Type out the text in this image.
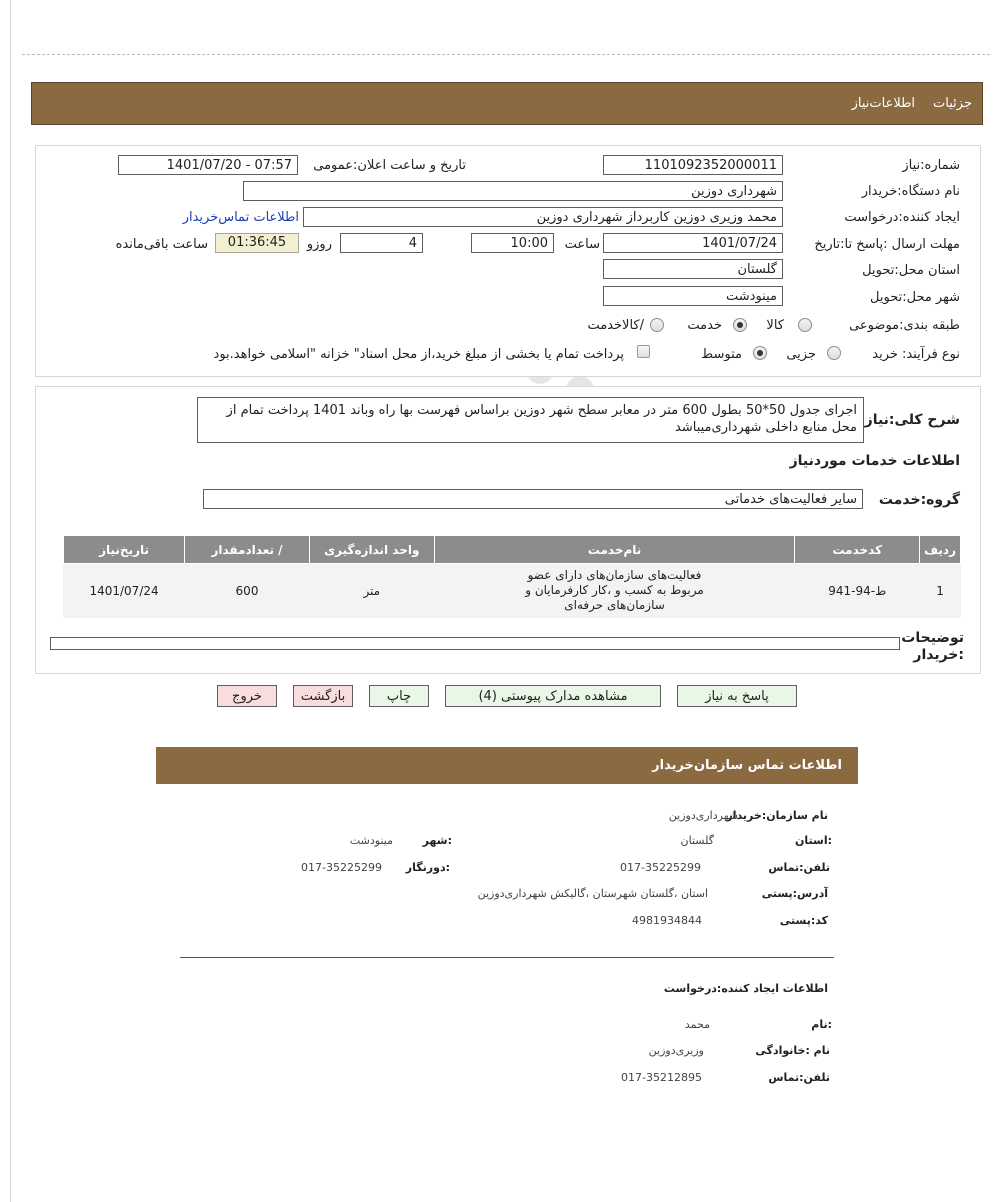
جزئیات
اطلاعات‌نیاز
شماره:نیاز
1101092352000011
تاریخ و ساعت اعلان:عمومی
1401/07/20 - 07:57
نام دستگاه:خریدار
شهرداری دوزین
ایجاد کننده:درخواست
محمد وزیری دوزین کاربرداز شهرداری دوزین
اطلاعات تماس‌خریدار
مهلت ارسال :پاسخ تا:تاریخ
1401/07/24
ساعت
10:00
4
روزو
01:36:45
ساعت باقی‌مانده
استان محل:تحویل
گلستان
شهر محل:تحویل
مینودشت
طبقه بندی:موضوعی
کالا
خدمت
/کالاخدمت
نوع فرآیند: خرید
جزیی
متوسط
پرداخت تمام یا بخشی از مبلغ خرید،از محل اسناد" خزانه "اسلامی خواهد.بود
شرح کلی:نیاز
اجرای جدول 50*50 بطول 600 متر در معابر سطح شهر دوزین براساس فهرست بها راه وباند 1401 پرداخت تمام از محل منابع داخلی شهرداری‌میباشد
اطلاعات خدمات موردنیاز
گروه:خدمت
سایر فعالیت‌های خدماتی
ردیف	کدخدمت	نام‌خدمت	واحد اندازه‌گیری	/ تعدادمقدار	تاریخ‌نیاز
1	ط-94-941	فعالیت‌های سازمان‌های دارای عضو مربوط به کسب و ،کار کارفرمایان و سازمان‌های حرفه‌ای	متر	600	1401/07/24
توضیحات :خریدار
پاسخ به نیاز
مشاهده مدارک پیوستی (4)
چاپ
بازگشت
خروج
اطلاعات تماس سازمان‌خریدار
نام سازمان:خریدار
شهرداری‌دوزین
:استان
گلستان
:شهر
مینودشت
تلفن:تماس
017-35225299
:دورنگار
017-35225299
آدرس:پستی
استان ،گلستان شهرستان ،گالیکش شهرداری‌دوزین
کد:پستی
4981934844
اطلاعات ایجاد کننده:درخواست
:نام
محمد
نام :خانوادگی
وزیری‌دوزین
تلفن:تماس
017-35212895
